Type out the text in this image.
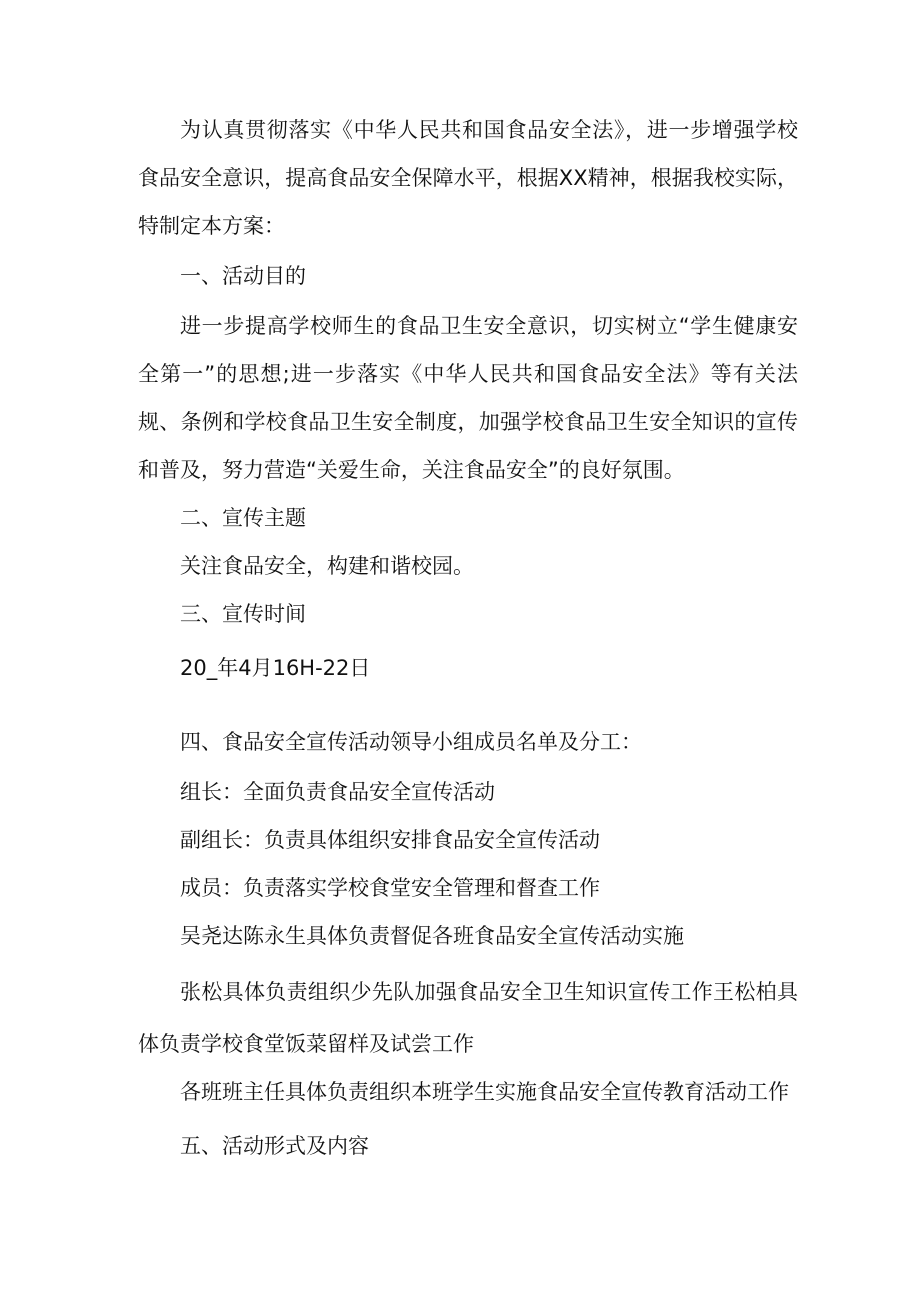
为认真贯彻落实《中华人民共和国食品安全法》，进一步增强学校食品安全意识，提高食品安全保障水平，根据XX精神，根据我校实际，特制定本方案：

一、活动目的

进一步提高学校师生的食品卫生安全意识，切实树立“学生健康安全第一”的思想;进一步落实《中华人民共和国食品安全法》等有关法规、条例和学校食品卫生安全制度，加强学校食品卫生安全知识的宣传和普及，努力营造“关爱生命，关注食品安全”的良好氛围。

二、宣传主题

关注食品安全，构建和谐校园。

三、宣传时间

20_年4月16H-22日

四、食品安全宣传活动领导小组成员名单及分工：

组长：全面负责食品安全宣传活动

副组长：负责具体组织安排食品安全宣传活动

成员：负责落实学校食堂安全管理和督查工作

吴尧达陈永生具体负责督促各班食品安全宣传活动实施

张松具体负责组织少先队加强食品安全卫生知识宣传工作王松柏具体负责学校食堂饭菜留样及试尝工作

各班班主任具体负责组织本班学生实施食品安全宣传教育活动工作

五、活动形式及内容
